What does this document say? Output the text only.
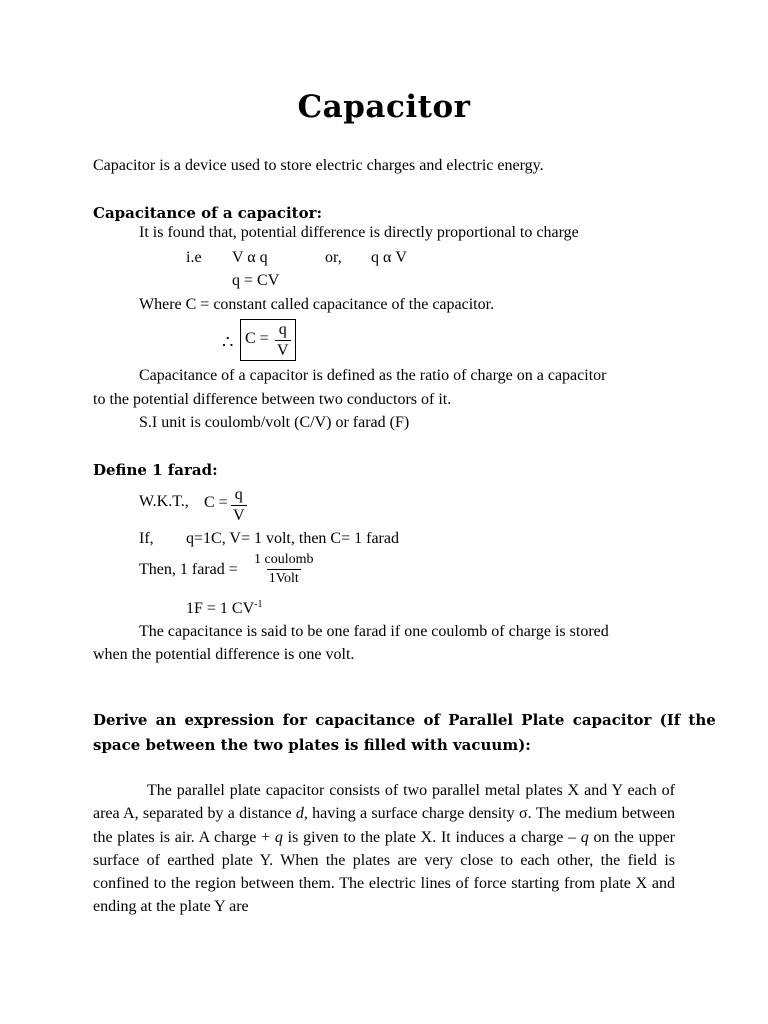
Capacitor
Capacitor is a device used to store electric charges and electric energy.
Capacitance of a capacitor:
It is found that, potential difference is directly proportional to charge
i.e V α q	or, q α V
q = CV
Where C = constant called capacitance of the capacitor.
∴ $C = \frac{q}{V}$
Capacitance of a capacitor is defined as the ratio of charge on a capacitor
to the potential difference between two conductors of it.
S.I unit is coulomb/volt (C/V) or farad (F)
Define 1 farad:
W.K.T., $C = \frac{q}{V}$
If, q=1C, V= 1 volt, then C= 1 farad
Then, 1 farad =
1 coulomb
1Volt
1F = 1 $CV^{-1}$
The capacitance is said to be one farad if one coulomb of charge is stored
when the potential difference is one volt.
Derive an expression for capacitance of Parallel Plate capacitor (If the
space between the two plates is filled with vacuum):
The parallel plate capacitor consists of two parallel metal plates X and Y each of area A, separated by a distance d, having a surface charge density σ. The medium between the plates is air. A charge + q is given to the plate X. It induces a charge – q on the upper surface of earthed plate Y. When the plates are very close to each other, the field is confined to the region between them. The electric lines of force starting from plate X and ending at the plate Y are
